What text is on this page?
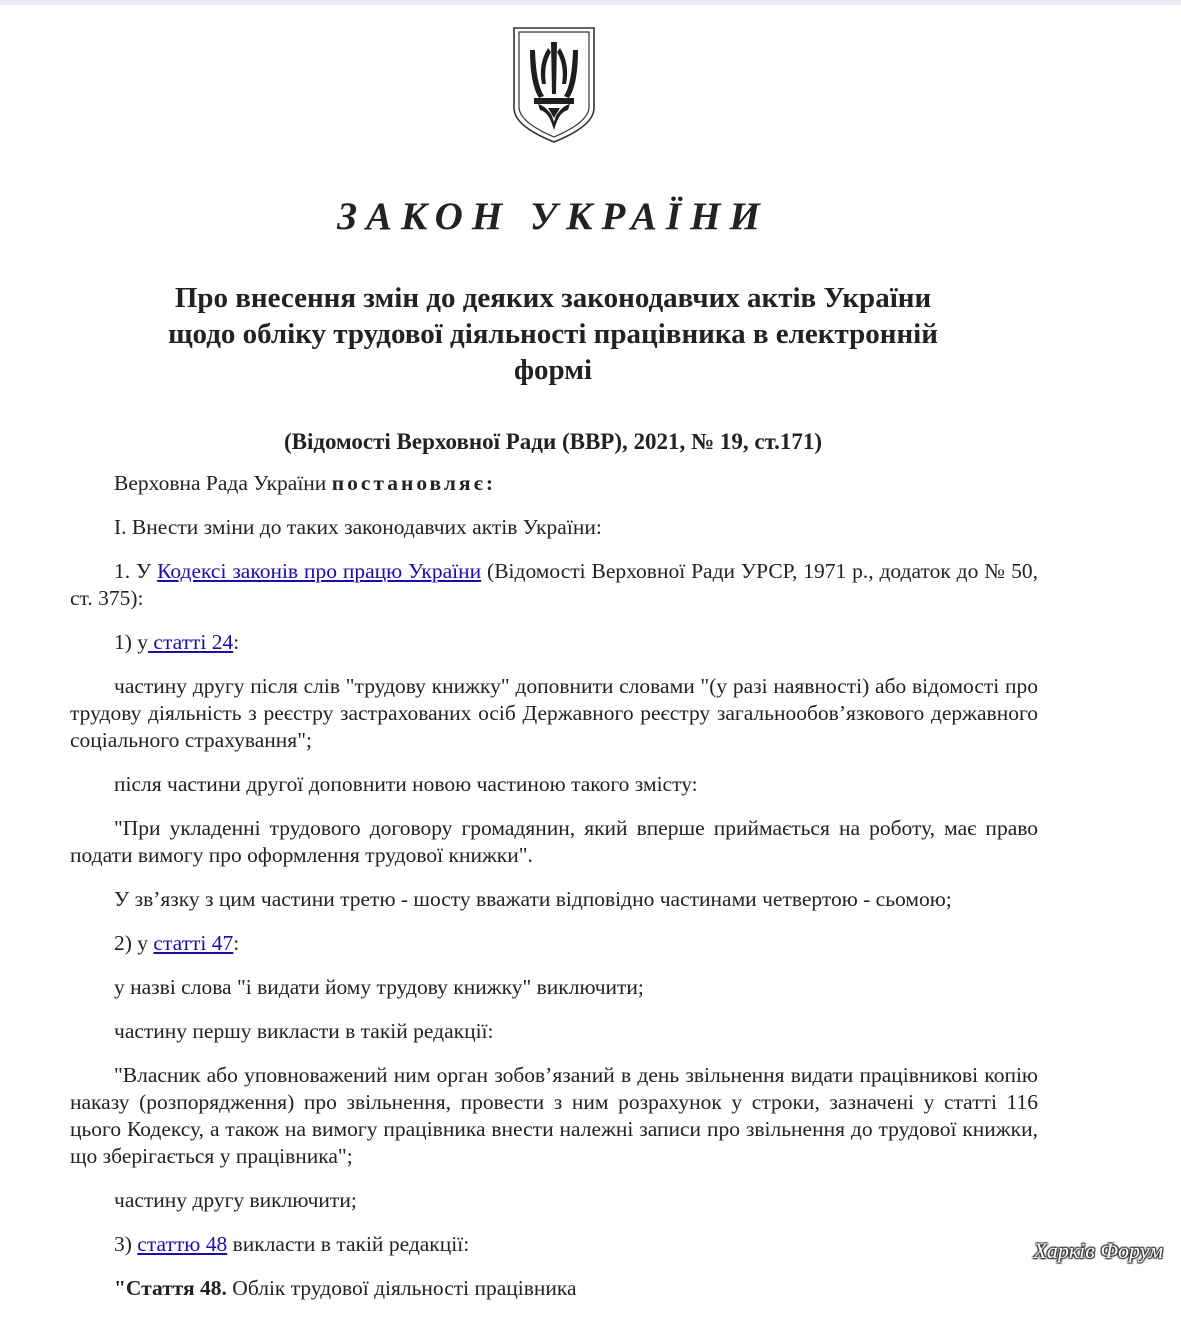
ЗАКОН УКРАЇНИ
Про внесення змін до деяких законодавчих актів України
щодо обліку трудової діяльності працівника в електронній
формі
(Відомості Верховної Ради (ВВР), 2021, № 19, ст.171)

Верховна Рада України постановляє:

І. Внести зміни до таких законодавчих актів України:

1. У Кодексі законів про працю України (Відомості Верховної Ради УРСР, 1971 р., додаток до № 50, ст. 375):

1) у статті 24:

частину другу після слів "трудову книжку" доповнити словами "(у разі наявності) або відомості про трудову діяльність з реєстру застрахованих осіб Державного реєстру загальнообов’язкового державного соціального страхування";

після частини другої доповнити новою частиною такого змісту:

"При укладенні трудового договору громадянин, який вперше приймається на роботу, має право подати вимогу про оформлення трудової книжки".

У зв’язку з цим частини третю - шосту вважати відповідно частинами четвертою - сьомою;

2) у статті 47:

у назві слова "і видати йому трудову книжку" виключити;

частину першу викласти в такій редакції:

"Власник або уповноважений ним орган зобов’язаний в день звільнення видати працівникові копію наказу (розпорядження) про звільнення, провести з ним розрахунок у строки, зазначені у статті 116 цього Кодексу, а також на вимогу працівника внести належні записи про звільнення до трудової книжки, що зберігається у працівника";

частину другу виключити;

3) статтю 48 викласти в такій редакції:

"Стаття 48. Облік трудової діяльності працівника

Харків Форум
